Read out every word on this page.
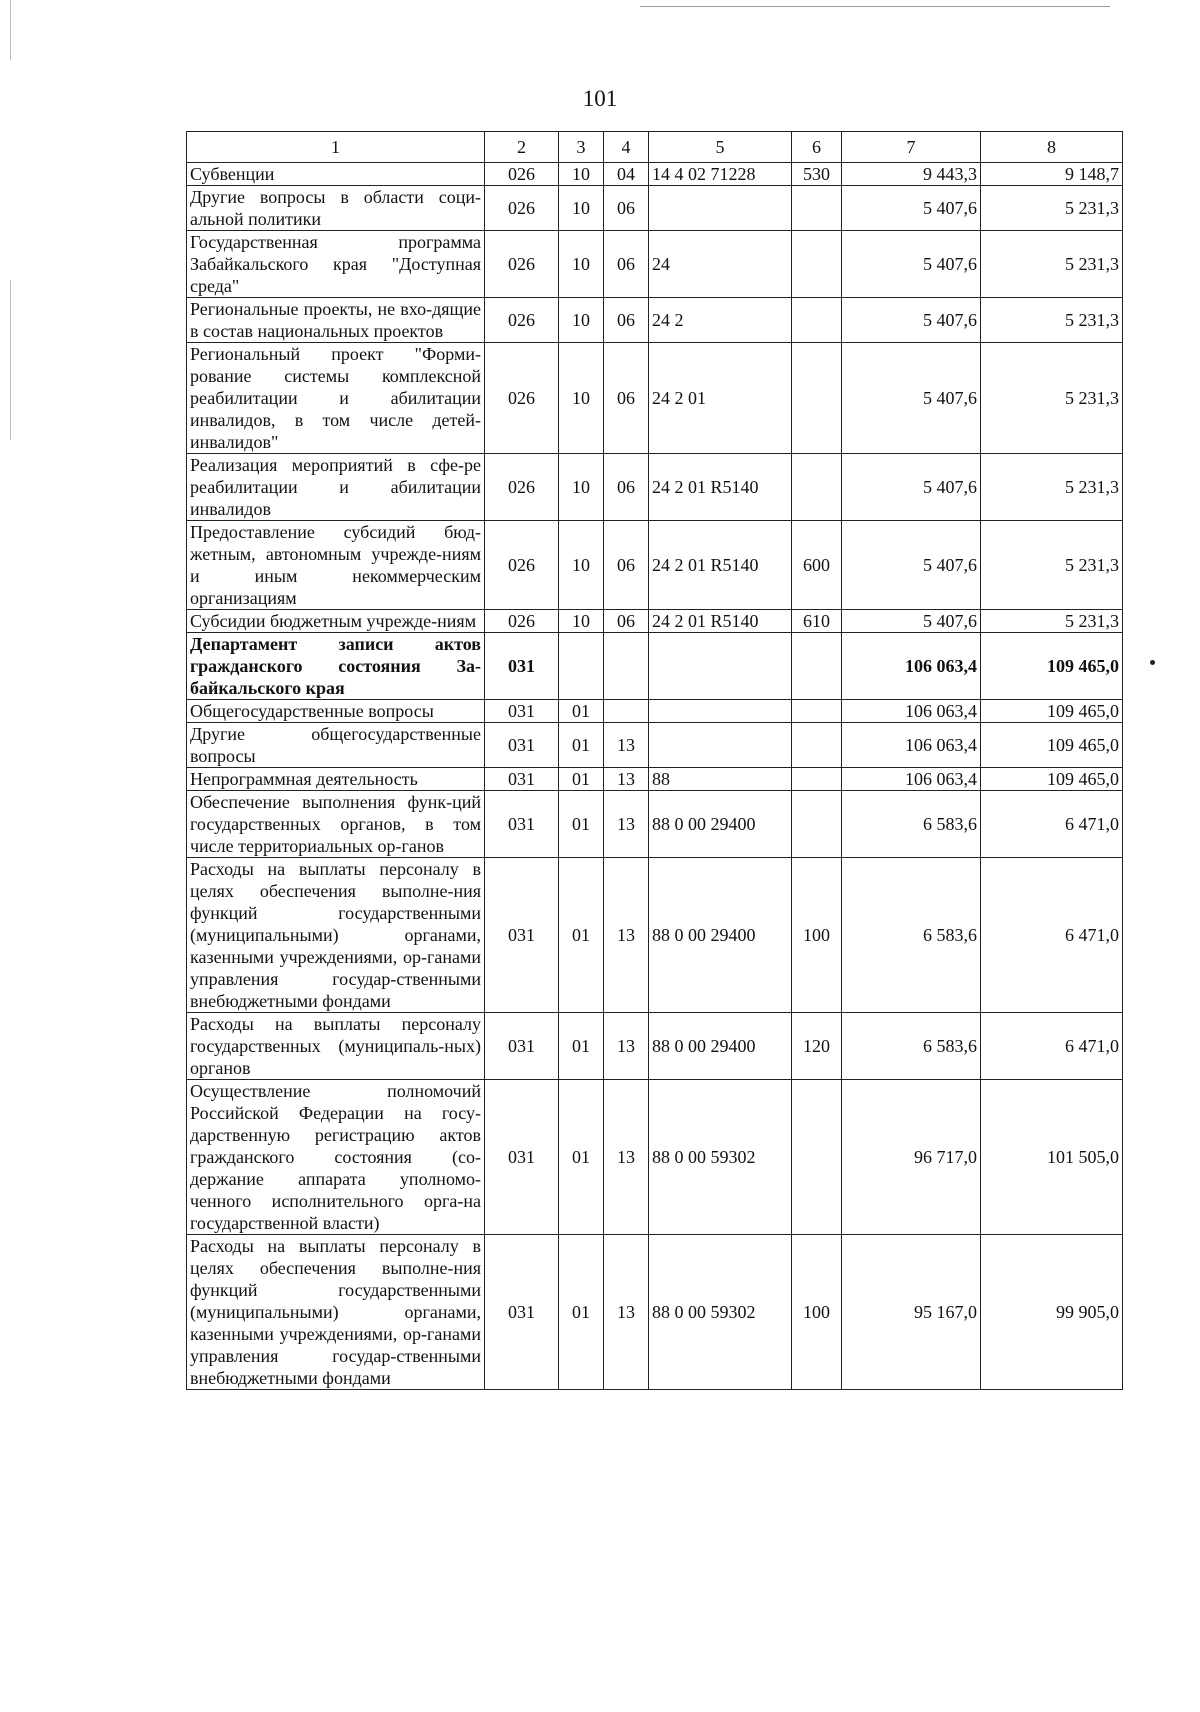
101
1	2	3	4	5	6	7	8
Субвенции	026	10	04	14 4 02 71228	530	9 443,3	9 148,7
Другие вопросы в области соци-альной политики	026	10	06			5 407,6	5 231,3
Государственная программа Забайкальского края "Доступная среда"	026	10	06	24		5 407,6	5 231,3
Региональные проекты, не вхо-дящие в состав национальных проектов	026	10	06	24 2		5 407,6	5 231,3
Региональный проект "Форми-рование системы комплексной реабилитации и абилитации инвалидов, в том числе детей-инвалидов"	026	10	06	24 2 01		5 407,6	5 231,3
Реализация мероприятий в сфе-ре реабилитации и абилитации инвалидов	026	10	06	24 2 01 R5140		5 407,6	5 231,3
Предоставление субсидий бюд-жетным, автономным учрежде-ниям и иным некоммерческим организациям	026	10	06	24 2 01 R5140	600	5 407,6	5 231,3
Субсидии бюджетным учрежде-ниям	026	10	06	24 2 01 R5140	610	5 407,6	5 231,3
Департамент записи актов гражданского состояния За-байкальского края	031					106 063,4	109 465,0
Общегосударственные вопросы	031	01				106 063,4	109 465,0
Другие общегосударственные вопросы	031	01	13			106 063,4	109 465,0
Непрограммная деятельность	031	01	13	88		106 063,4	109 465,0
Обеспечение выполнения функ-ций государственных органов, в том числе территориальных ор-ганов	031	01	13	88 0 00 29400		6 583,6	6 471,0
Расходы на выплаты персоналу в целях обеспечения выполне-ния функций государственными (муниципальными) органами, казенными учреждениями, ор-ганами управления государ-ственными внебюджетными фондами	031	01	13	88 0 00 29400	100	6 583,6	6 471,0
Расходы на выплаты персоналу государственных (муниципаль-ных) органов	031	01	13	88 0 00 29400	120	6 583,6	6 471,0
Осуществление полномочий Российской Федерации на госу-дарственную регистрацию актов гражданского состояния (со-держание аппарата уполномо-ченного исполнительного орга-на государственной власти)	031	01	13	88 0 00 59302		96 717,0	101 505,0
Расходы на выплаты персоналу в целях обеспечения выполне-ния функций государственными (муниципальными) органами, казенными учреждениями, ор-ганами управления государ-ственными внебюджетными фондами	031	01	13	88 0 00 59302	100	95 167,0	99 905,0
